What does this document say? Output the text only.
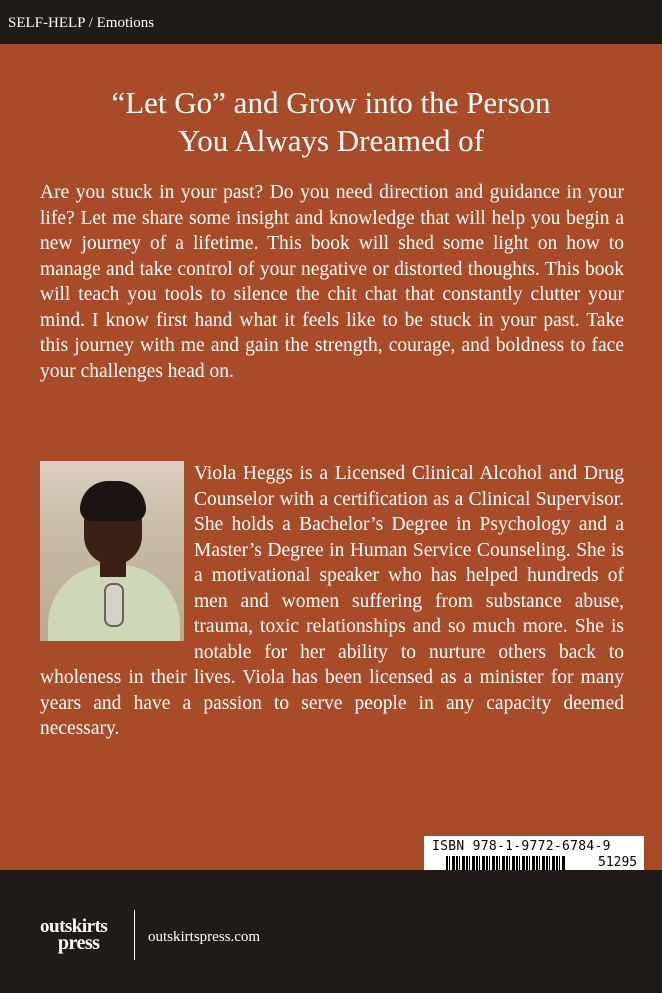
SELF-HELP / Emotions
“Let Go” and Grow into the Person
You Always Dreamed of

Are you stuck in your past? Do you need direction and guidance in your life? Let me share some insight and knowledge that will help you begin a new journey of a lifetime. This book will shed some light on how to manage and take control of your negative or distorted thoughts. This book will teach you tools to silence the chit chat that constantly clutter your mind. I know first hand what it feels like to be stuck in your past. Take this journey with me and gain the strength, courage, and boldness to face your challenges head on.

Viola Heggs is a Licensed Clinical Alcohol and Drug Counselor with a certification as a Clinical Supervisor. She holds a Bachelor’s Degree in Psychology and a Master’s Degree in Human Service Counseling. She is a motivational speaker who has helped hundreds of men and women suffering from substance abuse, trauma, toxic relationships and so much more. She is notable for her ability to nurture others back to wholeness in their lives. Viola has been licensed as a minister for many years and have a passion to serve people in any capacity deemed necessary.
ISBN 978-1-9772-6784-9
51295
outskirts
press	outskirtspress.com
